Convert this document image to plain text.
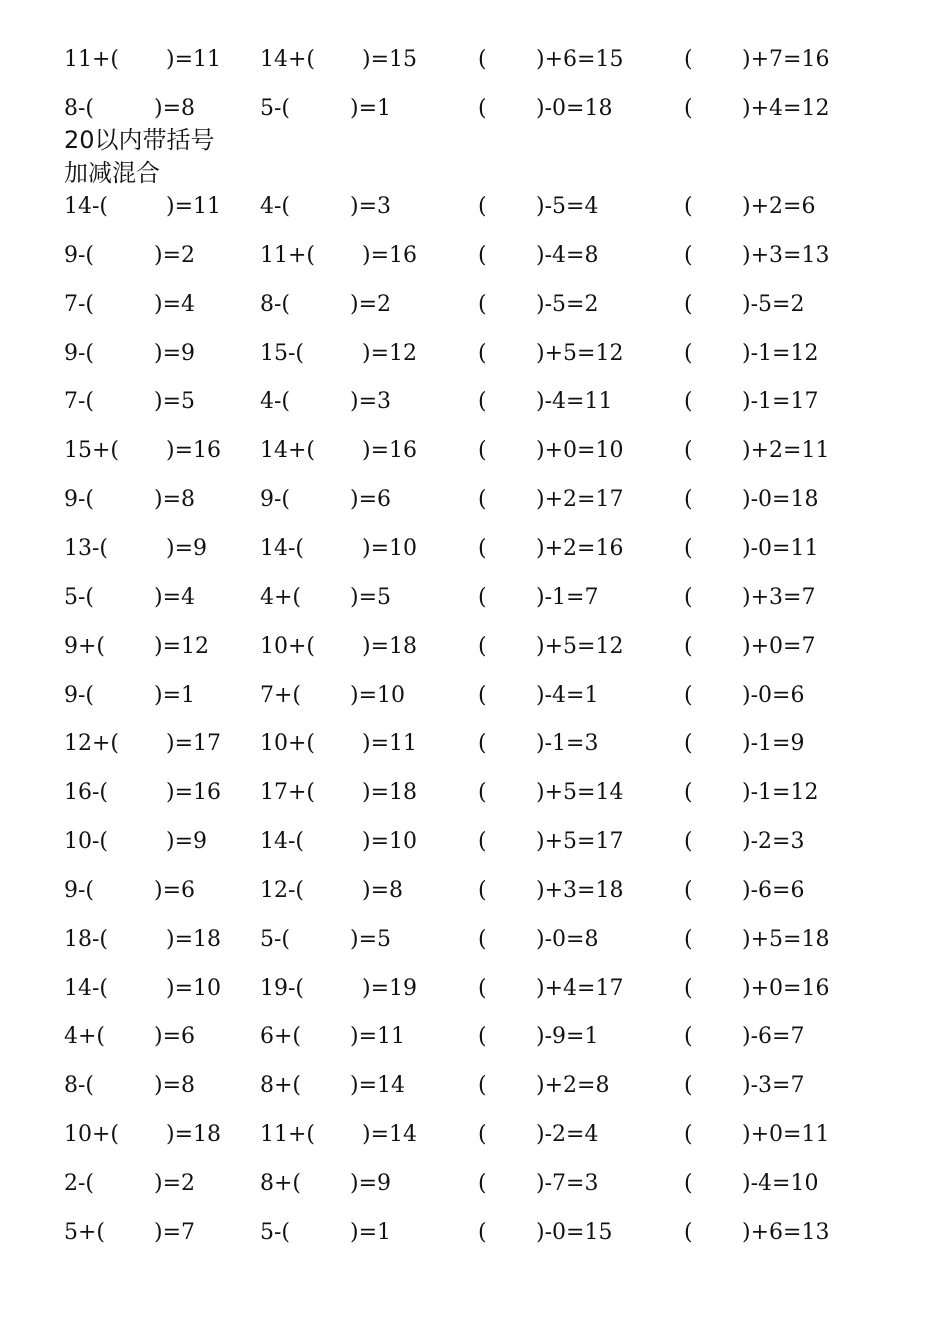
20以内带括号加减混合
11+( )=11 14+( )=15	( )+6=15	( )+7=16
8-(	)=8	5-(	)=1	( )-0=18	( )+4=12
14-(	)=11 4-(	)=3	( )-5=4	( )+2=6
9-(	)=2	11+( )=16	( )-4=8	( )+3=13
7-(	)=4	8-(	)=2	( )-5=2	( )-5=2
9-(	)=9	15-(	)=12	( )+5=12	( )-1=12
7-(	)=5	4-(	)=3	( )-4=11	( )-1=17
15+( )=16 14+( )=16	( )+0=10	( )+2=11
9-(	)=8	9-(	)=6	( )+2=17	( )-0=18
13-(	)=9 14-(	)=10	( )+2=16	( )-0=11
5-(	)=4	4+( )=5	( )-1=7	( )+3=7
9+( )=12 10+( )=18	( )+5=12	( )+0=7
9-(	)=1	7+( )=10	( )-4=1	( )-0=6
12+( )=17 10+( )=11	( )-1=3	( )-1=9
16-(	)=16 17+( )=18	( )+5=14	( )-1=12
10-(	)=9 14-(	)=10	( )+5=17	( )-2=3
9-(	)=6	12-(	)=8	( )+3=18	( )-6=6
18-(	)=18 5-(	)=5	( )-0=8	( )+5=18
14-(	)=10 19-(	)=19	( )+4=17	( )+0=16
4+( )=6	6+( )=11	( )-9=1	( )-6=7
8-(	)=8	8+( )=14	( )+2=8	( )-3=7
10+( )=18 11+( )=14	( )-2=4	( )+0=11
2-(	)=2	8+( )=9	( )-7=3	( )-4=10
5+( )=7	5-(	)=1	( )-0=15	( )+6=13
